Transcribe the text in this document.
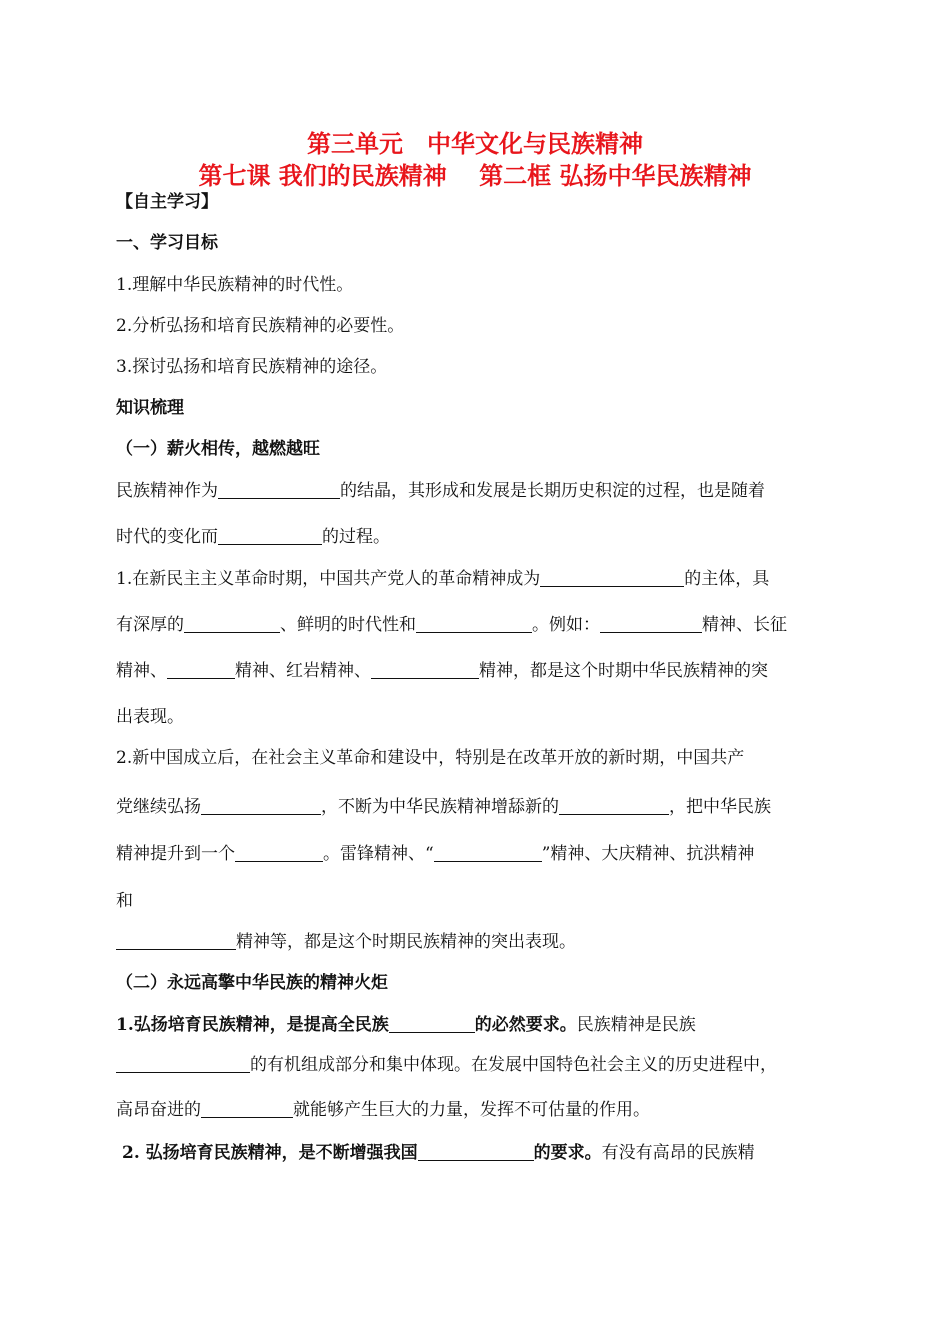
第三单元　中华文化与民族精神
第七课 我们的民族精神　 第二框 弘扬中华民族精神
【自主学习】
一、学习目标
1.理解中华民族精神的时代性。
2.分析弘扬和培育民族精神的必要性。
3.探讨弘扬和培育民族精神的途径。
知识梳理
（一）薪火相传，越燃越旺
民族精神作为	的结晶，其形成和发展是长期历史积淀的过程，也是随着
时代的变化而	的过程。
1.在新民主主义革命时期，中国共产党人的革命精神成为	的主体，具
有深厚的	、鲜明的时代性和	。例如：	精神、长征
精神、	精神、红岩精神、	精神，都是这个时期中华民族精神的突
出表现。
2.新中国成立后，在社会主义革命和建设中，特别是在改革开放的新时期，中国共产
党继续弘扬	，不断为中华民族精神增舔新的	，把中华民族
精神提升到一个	。雷锋精神、“	”精神、大庆精神、抗洪精神
和
精神等，都是这个时期民族精神的突出表现。
（二）永远高擎中华民族的精神火炬
1.弘扬培育民族精神，是提高全民族	的必然要求。民族精神是民族
的有机组成部分和集中体现。在发展中国特色社会主义的历史进程中，
高昂奋进的	就能够产生巨大的力量，发挥不可估量的作用。
2. 弘扬培育民族精神，是不断增强我国	的要求。有没有高昂的民族精
